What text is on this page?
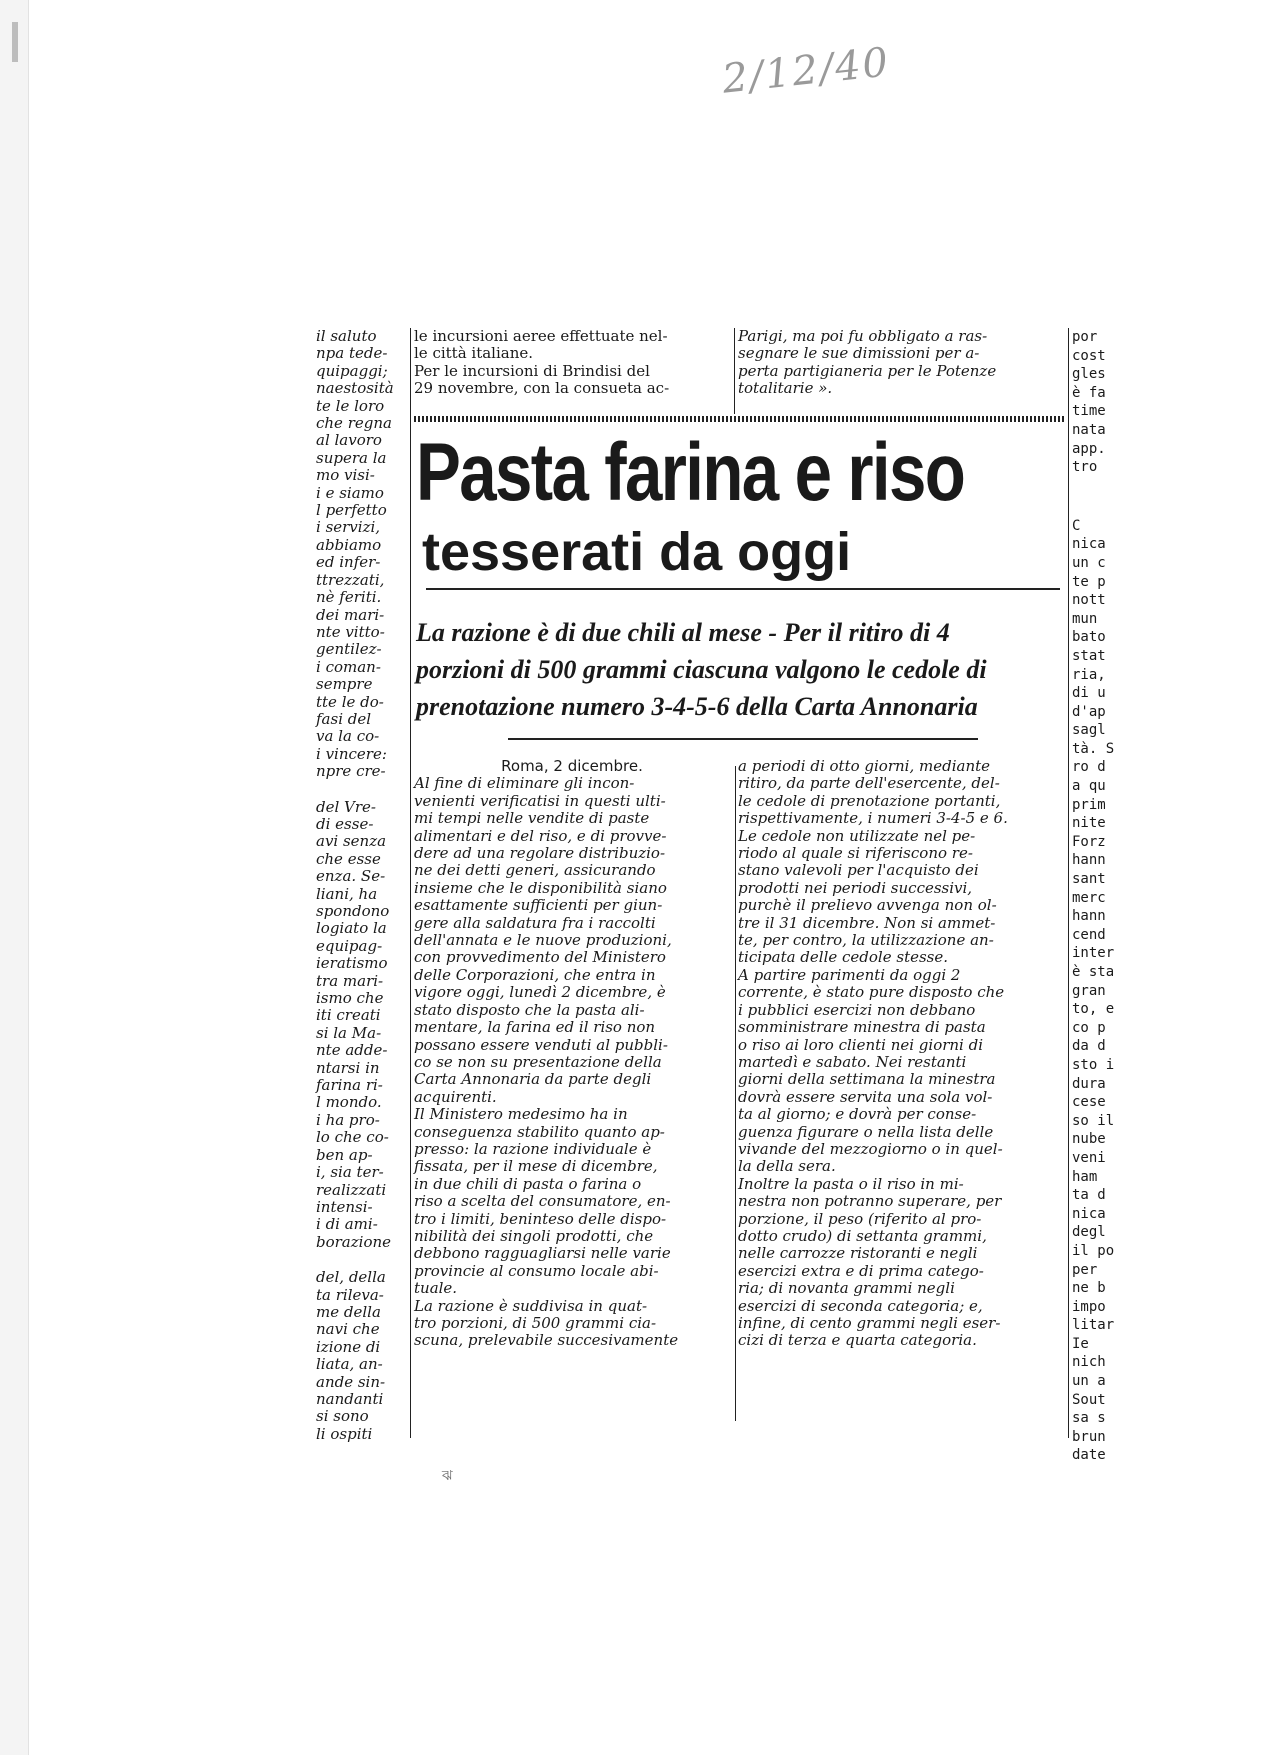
2/12/40
il saluto
npa tede-
quipaggi;
naestosità
te le loro
che regna
al lavoro
supera la
mo visi-
i e siamo
l perfetto
i servizi,
abbiamo
ed infer-
ttrezzati,
nè feriti.
dei mari-
nte vitto-
gentilez-
i coman-
sempre
tte le do-
fasi del
va la co-
i vincere:
npre cre-
del Vre-
di esse-
avi senza
che esse
enza. Se-
liani, ha
spondono
logiato la
equipag-
ieratismo
tra mari-
ismo che
iti creati
si la Ma-
nte adde-
ntarsi in
farina ri-
l mondo.
i ha pro-
lo che co-
ben ap-
i, sia ter-
realizzati
intensi-
i di ami-
borazione
del, della
ta rileva-
me della
navi che
izione di
liata, an-
ande sin-
nandanti
si sono
li ospiti
le incursioni aeree effettuate nel-
le città italiane.
Per le incursioni di Brindisi del
29 novembre, con la consueta ac-
Parigi, ma poi fu obbligato a ras-
segnare le sue dimissioni per a-
perta partigianeria per le Potenze
totalitarie ».
Pasta farina e riso
tesserati da oggi
La razione è di due chili al mese - Per il ritiro di 4
porzioni di 500 grammi ciascuna valgono le cedole di
prenotazione numero 3-4-5-6 della Carta Annonaria
Roma, 2 dicembre.
Al fine di eliminare gli incon-
venienti verificatisi in questi ulti-
mi tempi nelle vendite di paste
alimentari e del riso, e di provve-
dere ad una regolare distribuzio-
ne dei detti generi, assicurando
insieme che le disponibilità siano
esattamente sufficienti per giun-
gere alla saldatura fra i raccolti
dell'annata e le nuove produzioni,
con provvedimento del Ministero
delle Corporazioni, che entra in
vigore oggi, lunedì 2 dicembre, è
stato disposto che la pasta ali-
mentare, la farina ed il riso non
possano essere venduti al pubbli-
co se non su presentazione della
Carta Annonaria da parte degli
acquirenti.
Il Ministero medesimo ha in
conseguenza stabilito quanto ap-
presso: la razione individuale è
fissata, per il mese di dicembre,
in due chili di pasta o farina o
riso a scelta del consumatore, en-
tro i limiti, beninteso delle dispo-
nibilità dei singoli prodotti, che
debbono ragguagliarsi nelle varie
provincie al consumo locale abi-
tuale.
La razione è suddivisa in quat-
tro porzioni, di 500 grammi cia-
scuna, prelevabile succesivamente
a periodi di otto giorni, mediante
ritiro, da parte dell'esercente, del-
le cedole di prenotazione portanti,
rispettivamente, i numeri 3-4-5 e 6.
Le cedole non utilizzate nel pe-
riodo al quale si riferiscono re-
stano valevoli per l'acquisto dei
prodotti nei periodi successivi,
purchè il prelievo avvenga non ol-
tre il 31 dicembre. Non si ammet-
te, per contro, la utilizzazione an-
ticipata delle cedole stesse.
A partire parimenti da oggi 2
corrente, è stato pure disposto che
i pubblici esercizi non debbano
somministrare minestra di pasta
o riso ai loro clienti nei giorni di
martedì e sabato. Nei restanti
giorni della settimana la minestra
dovrà essere servita una sola vol-
ta al giorno; e dovrà per conse-
guenza figurare o nella lista delle
vivande del mezzogiorno o in quel-
la della sera.
Inoltre la pasta o il riso in mi-
nestra non potranno superare, per
porzione, il peso (riferito al pro-
dotto crudo) di settanta grammi,
nelle carrozze ristoranti e negli
esercizi extra e di prima catego-
ria; di novanta grammi negli
esercizi di seconda categoria; e,
infine, di cento grammi negli eser-
cizi di terza e quarta categoria.
por
cost
gles
è fa
time
nata
app.
tro
C
nica
un c
te p
nott
mun
bato
stat
ria,
di u
d'ap
sagl
tà. S
ro d
a qu
prim
nite
Forz
hann
sant
merc
hann
cend
inter
è sta
gran
to, e
co p
da d
sto i
dura
cese
so il
nube
veni
ham
ta d
nica
degl
il po
per
ne b
impo
litar
Ie
nich
un a
Sout
sa s
brun
date
ঝ
